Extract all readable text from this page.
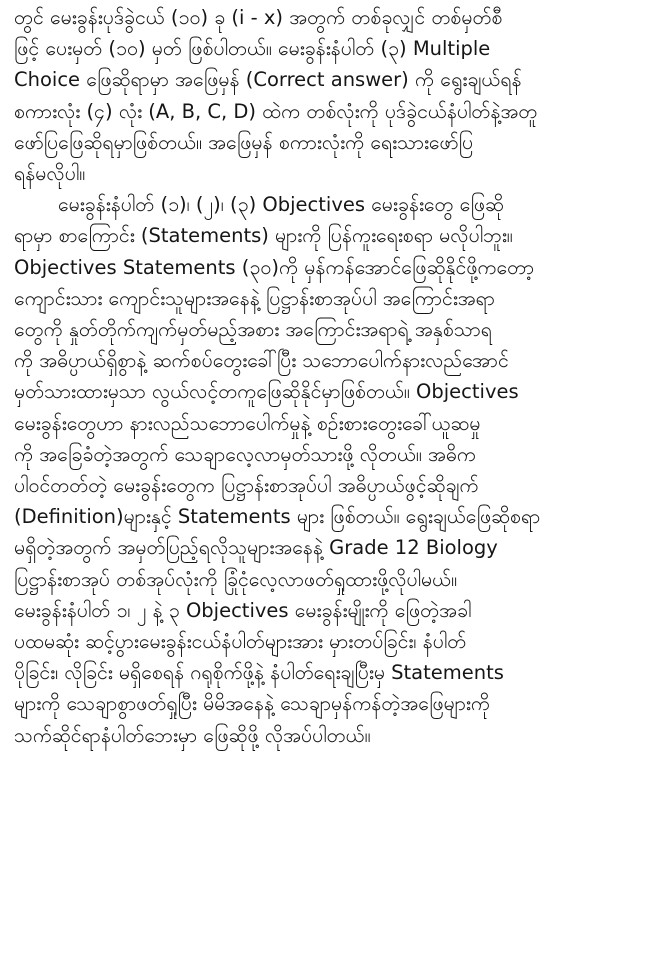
တွင် မေးခွန်းပုဒ်ခွဲငယ် (၁၀) ခု (i - x) အတွက် တစ်ခုလျှင် တစ်မှတ်စီ
ဖြင့် ပေးမှတ် (၁၀) မှတ် ဖြစ်ပါတယ်။ မေးခွန်းနံပါတ် (၃) Multiple
Choice ဖြေဆိုရာမှာ အဖြေမှန် (Correct answer) ကို ရွေးချယ်ရန်
စကားလုံး (၄) လုံး (A, B, C, D) ထဲက တစ်လုံးကို ပုဒ်ခွဲငယ်နံပါတ်နဲ့အတူ
ဖော်ပြဖြေဆိုရမှာဖြစ်တယ်။ အဖြေမှန် စကားလုံးကို ရေးသားဖော်ပြ
ရန်မလိုပါ။
မေးခွန်းနံပါတ် (၁)၊ (၂)၊ (၃) Objectives မေးခွန်းတွေ ဖြေဆို
ရာမှာ စာကြောင်း (Statements) များကို ပြန်ကူးရေးစရာ မလိုပါဘူး။
Objectives Statements (၃၀)ကို မှန်ကန်အောင်ဖြေဆိုနိုင်ဖို့ကတော့
ကျောင်းသား ကျောင်းသူများအနေနဲ့ ပြဋ္ဌာန်းစာအုပ်ပါ အကြောင်းအရာ
တွေကို နှုတ်တိုက်ကျက်မှတ်မည့်အစား အကြောင်းအရာရဲ့ အနှစ်သာရ
ကို အဓိပ္ပာယ်ရှိစွာနဲ့ ဆက်စပ်တွေးခေါ်ပြီး သဘောပေါက်နားလည်အောင်
မှတ်သားထားမှသာ လွယ်လင့်တကူဖြေဆိုနိုင်မှာဖြစ်တယ်။ Objectives
မေးခွန်းတွေဟာ နားလည်သဘောပေါက်မှုနဲ့ စဉ်းစားတွေးခေါ်ယူဆမှု
ကို အခြေခံတဲ့အတွက် သေချာလေ့လာမှတ်သားဖို့ လိုတယ်။ အဓိက
ပါဝင်တတ်တဲ့ မေးခွန်းတွေက ပြဋ္ဌာန်းစာအုပ်ပါ အဓိပ္ပာယ်ဖွင့်ဆိုချက်
(Definition)များနှင့် Statements များ ဖြစ်တယ်။ ရွေးချယ်ဖြေဆိုစရာ
မရှိတဲ့အတွက် အမှတ်ပြည့်ရလိုသူများအနေနဲ့ Grade 12 Biology
ပြဋ္ဌာန်းစာအုပ် တစ်အုပ်လုံးကို ခြုံငုံလေ့လာဖတ်ရှုထားဖို့လိုပါမယ်။
မေးခွန်းနံပါတ် ၁၊ ၂ နဲ့ ၃ Objectives မေးခွန်းမျိုးကို ဖြေတဲ့အခါ
ပထမဆုံး ဆင့်ပွားမေးခွန်းငယ်နံပါတ်များအား မှားတပ်ခြင်း၊ နံပါတ်
ပိုခြင်း၊ လိုခြင်း မရှိစေရန် ဂရုစိုက်ဖို့နဲ့ နံပါတ်ရေးချပြီးမှ Statements
များကို သေချာစွာဖတ်ရှုပြီး မိမိအနေနဲ့ သေချာမှန်ကန်တဲ့အဖြေများကို
သက်ဆိုင်ရာနံပါတ်ဘေးမှာ ဖြေဆိုဖို့ လိုအပ်ပါတယ်။
